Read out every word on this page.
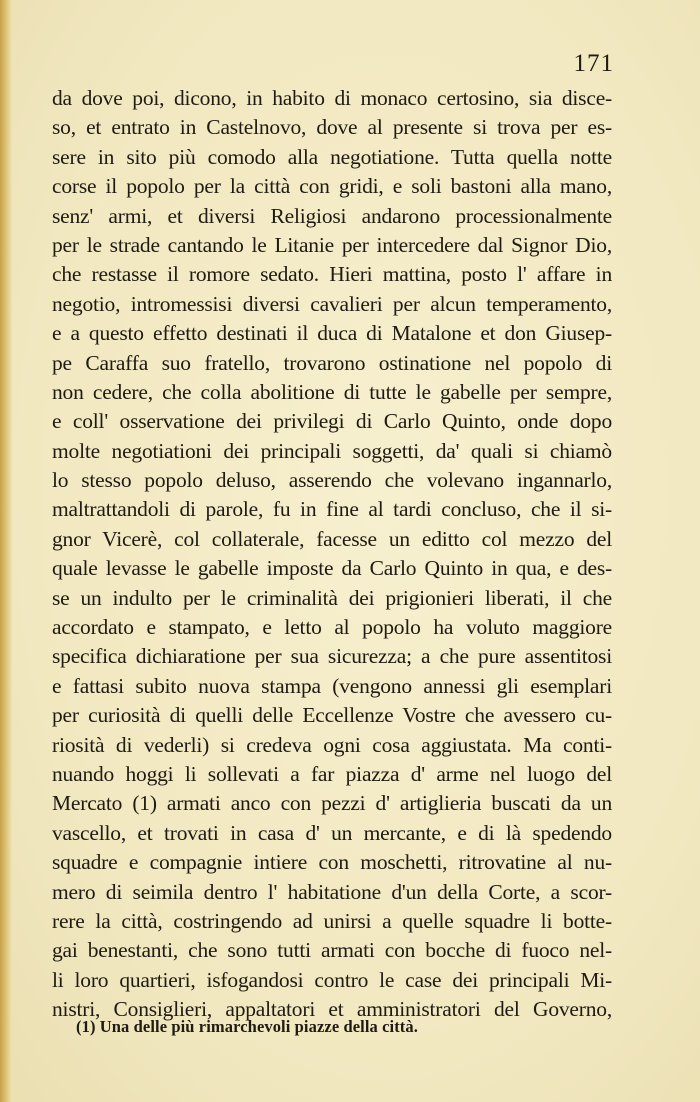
171
da dove poi, dicono, in habito di monaco certosino, sia disce-
so, et entrato in Castelnovo, dove al presente si trova per es-
sere in sito più comodo alla negotiatione. Tutta quella notte
corse il popolo per la città con gridi, e soli bastoni alla mano,
senz' armi, et diversi Religiosi andarono processionalmente
per le strade cantando le Litanie per intercedere dal Signor Dio,
che restasse il romore sedato. Hieri mattina, posto l' affare in
negotio, intromessisi diversi cavalieri per alcun temperamento,
e a questo effetto destinati il duca di Matalone et don Giusep-
pe Caraffa suo fratello, trovarono ostinatione nel popolo di
non cedere, che colla abolitione di tutte le gabelle per sempre,
e coll' osservatione dei privilegi di Carlo Quinto, onde dopo
molte negotiationi dei principali soggetti, da' quali si chiamò
lo stesso popolo deluso, asserendo che volevano ingannarlo,
maltrattandoli di parole, fu in fine al tardi concluso, che il si-
gnor Vicerè, col collaterale, facesse un editto col mezzo del
quale levasse le gabelle imposte da Carlo Quinto in qua, e des-
se un indulto per le criminalità dei prigionieri liberati, il che
accordato e stampato, e letto al popolo ha voluto maggiore
specifica dichiaratione per sua sicurezza; a che pure assentitosi
e fattasi subito nuova stampa (vengono annessi gli esemplari
per curiosità di quelli delle Eccellenze Vostre che avessero cu-
riosità di vederli) si credeva ogni cosa aggiustata. Ma conti-
nuando hoggi li sollevati a far piazza d' arme nel luogo del
Mercato (1) armati anco con pezzi d' artiglieria buscati da un
vascello, et trovati in casa d' un mercante, e di là spedendo
squadre e compagnie intiere con moschetti, ritrovatine al nu-
mero di seimila dentro l' habitatione d'un della Corte, a scor-
rere la città, costringendo ad unirsi a quelle squadre li botte-
gai benestanti, che sono tutti armati con bocche di fuoco nel-
li loro quartieri, isfogandosi contro le case dei principali Mi-
nistri, Consiglieri, appaltatori et amministratori del Governo,
(1) Una delle più rimarchevoli piazze della città.
